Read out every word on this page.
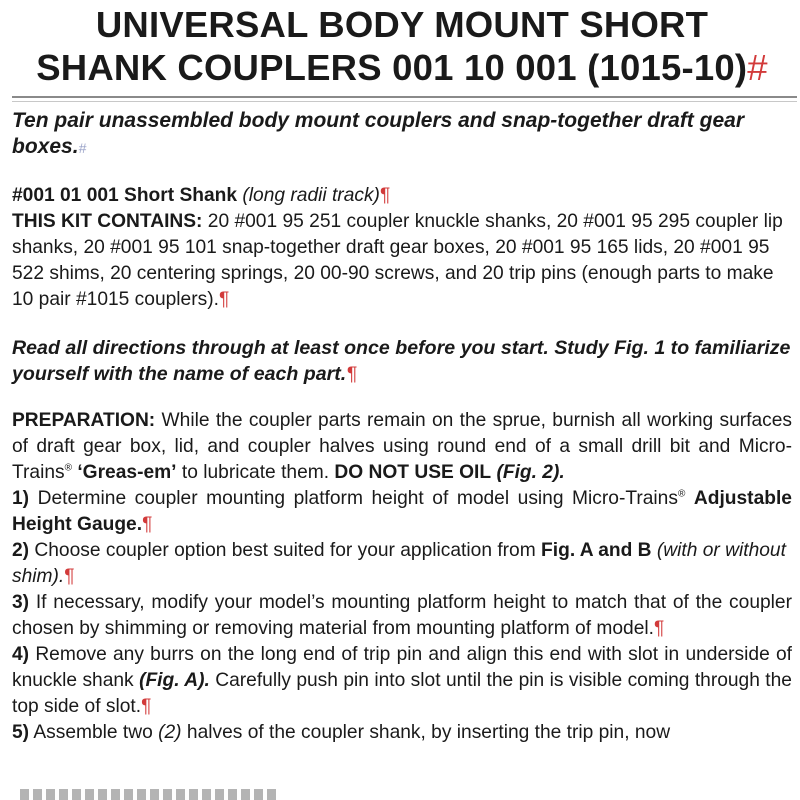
UNIVERSAL BODY MOUNT SHORT
SHANK COUPLERS 001 10 001 (1015-10)#
Ten pair unassembled body mount couplers and snap-together draft gear boxes.#
#001 01 001 Short Shank (long radii track)¶
THIS KIT CONTAINS: 20 #001 95 251 coupler knuckle shanks, 20 #001 95 295 coupler lip shanks, 20 #001 95 101 snap-together draft gear boxes, 20 #001 95 165 lids, 20 #001 95 522 shims, 20 centering springs, 20 00-90 screws, and 20 trip pins (enough parts to make 10 pair #1015 couplers).¶
Read all directions through at least once before you start. Study Fig. 1 to familiarize yourself with the name of each part.¶
PREPARATION: While the coupler parts remain on the sprue, burnish all working surfaces of draft gear box, lid, and coupler halves using round end of a small drill bit and Micro-Trains® ‘Greas-em’ to lubricate them. DO NOT USE OIL (Fig. 2).
1) Determine coupler mounting platform height of model using Micro-Trains® Adjustable Height Gauge.¶
2) Choose coupler option best suited for your application from Fig. A and B (with or without shim).¶
3) If necessary, modify your model’s mounting platform height to match that of the coupler chosen by shimming or removing material from mounting platform of model.¶
4) Remove any burrs on the long end of trip pin and align this end with slot in underside of knuckle shank (Fig. A). Carefully push pin into slot until the pin is visible coming through the top side of slot.¶
5) Assemble two (2) halves of the coupler shank, by inserting the trip pin, now
